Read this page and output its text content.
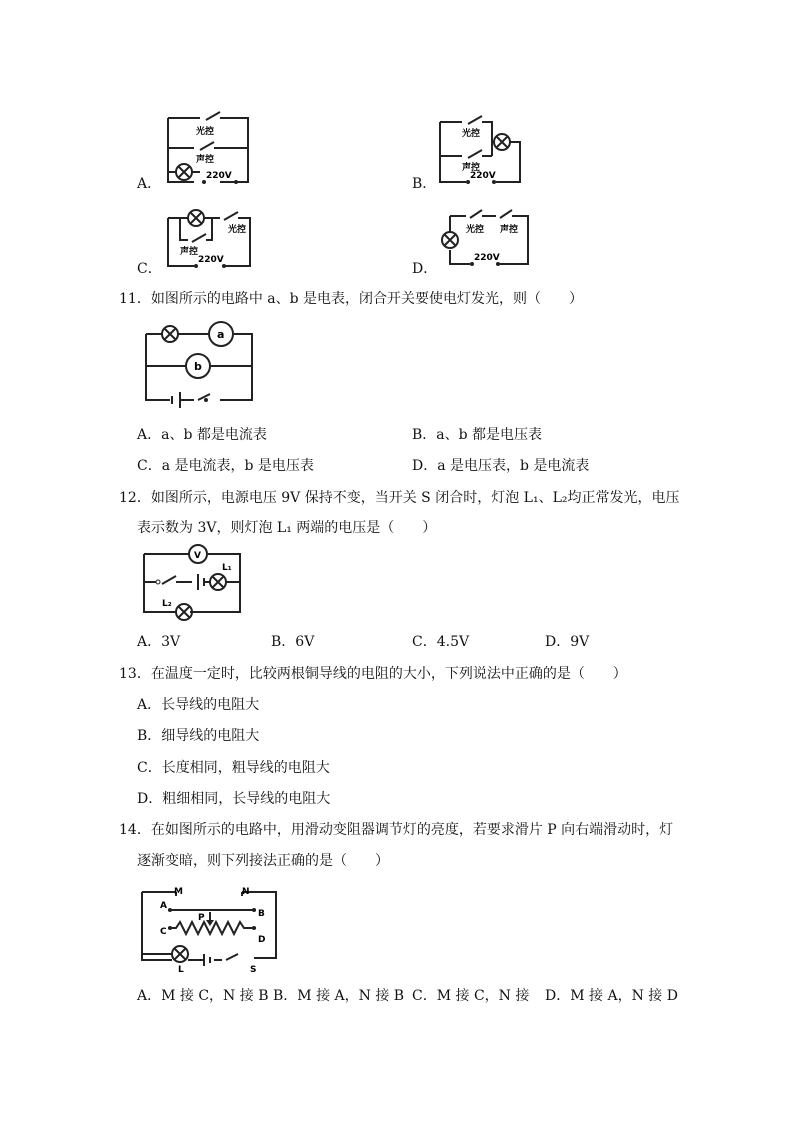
A．
光控
声控
220V	B．
光控
声控
220V
C．
光控
声控
220V
D．
光控 声控
220V
11．如图所示的电路中 a、b 是电表，闭合开关要使电灯发光，则（　　）
a
b
A．a、b 都是电流表	B．a、b 都是电压表
C．a 是电流表，b 是电压表	D．a 是电压表，b 是电流表
12．如图所示，电源电压 9V 保持不变，当开关 S 闭合时，灯泡 L₁、L₂均正常发光，电压
表示数为 3V，则灯泡 L₁ 两端的电压是（　　）
V
L₁
L₂
A．3V	B．6V	C．4.5V	D．9V
13．在温度一定时，比较两根铜导线的电阻的大小，下列说法中正确的是（　　）
A．长导线的电阻大
B．细导线的电阻大
C．长度相同，粗导线的电阻大
D．粗细相同，长导线的电阻大
14．在如图所示的电路中，用滑动变阻器调节灯的亮度，若要求滑片 P 向右端滑动时，灯
逐渐变暗，则下列接法正确的是（　　）
M	N
A
B
C
D
P
L	S
A．M 接 C，N 接 B B．M 接 A，N 接 B C．M 接 C，N 接 D．M 接 A，N 接 D
